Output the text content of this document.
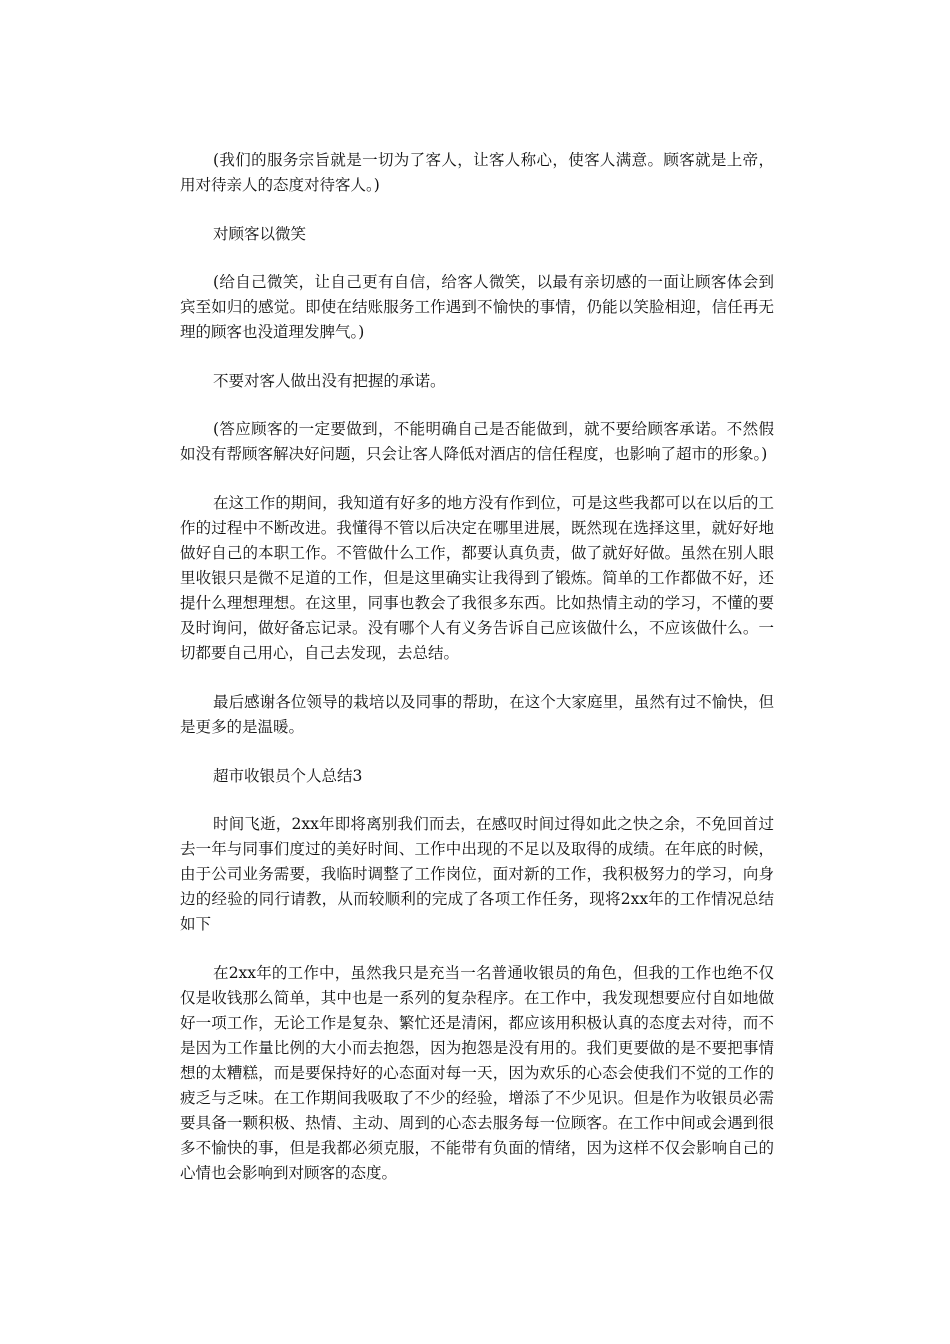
(我们的服务宗旨就是一切为了客人，让客人称心，使客人满意。顾客就是上帝，用对待亲人的态度对待客人。)

对顾客以微笑

(给自己微笑，让自己更有自信，给客人微笑，以最有亲切感的一面让顾客体会到宾至如归的感觉。即使在结账服务工作遇到不愉快的事情，仍能以笑脸相迎，信任再无理的顾客也没道理发脾气。)

不要对客人做出没有把握的承诺。

(答应顾客的一定要做到，不能明确自己是否能做到，就不要给顾客承诺。不然假如没有帮顾客解决好问题，只会让客人降低对酒店的信任程度，也影响了超市的形象。)

在这工作的期间，我知道有好多的地方没有作到位，可是这些我都可以在以后的工作的过程中不断改进。我懂得不管以后决定在哪里进展，既然现在选择这里，就好好地做好自己的本职工作。不管做什么工作，都要认真负责，做了就好好做。虽然在别人眼里收银只是微不足道的工作，但是这里确实让我得到了锻炼。简单的工作都做不好，还提什么理想理想。在这里，同事也教会了我很多东西。比如热情主动的学习，不懂的要及时询问，做好备忘记录。没有哪个人有义务告诉自己应该做什么，不应该做什么。一切都要自己用心，自己去发现，去总结。

最后感谢各位领导的栽培以及同事的帮助，在这个大家庭里，虽然有过不愉快，但是更多的是温暖。

超市收银员个人总结3

时间飞逝，2xx年即将离别我们而去，在感叹时间过得如此之快之余，不免回首过去一年与同事们度过的美好时间、工作中出现的不足以及取得的成绩。在年底的时候，由于公司业务需要，我临时调整了工作岗位，面对新的工作，我积极努力的学习，向身边的经验的同行请教，从而较顺利的完成了各项工作任务，现将2xx年的工作情况总结如下

在2xx年的工作中，虽然我只是充当一名普通收银员的角色，但我的工作也绝不仅仅是收钱那么简单，其中也是一系列的复杂程序。在工作中，我发现想要应付自如地做好一项工作，无论工作是复杂、繁忙还是清闲，都应该用积极认真的态度去对待，而不是因为工作量比例的大小而去抱怨，因为抱怨是没有用的。我们更要做的是不要把事情想的太糟糕，而是要保持好的心态面对每一天，因为欢乐的心态会使我们不觉的工作的疲乏与乏味。在工作期间我吸取了不少的经验，增添了不少见识。但是作为收银员必需要具备一颗积极、热情、主动、周到的心态去服务每一位顾客。在工作中间或会遇到很多不愉快的事，但是我都必须克服，不能带有负面的情绪，因为这样不仅会影响自己的心情也会影响到对顾客的态度。
